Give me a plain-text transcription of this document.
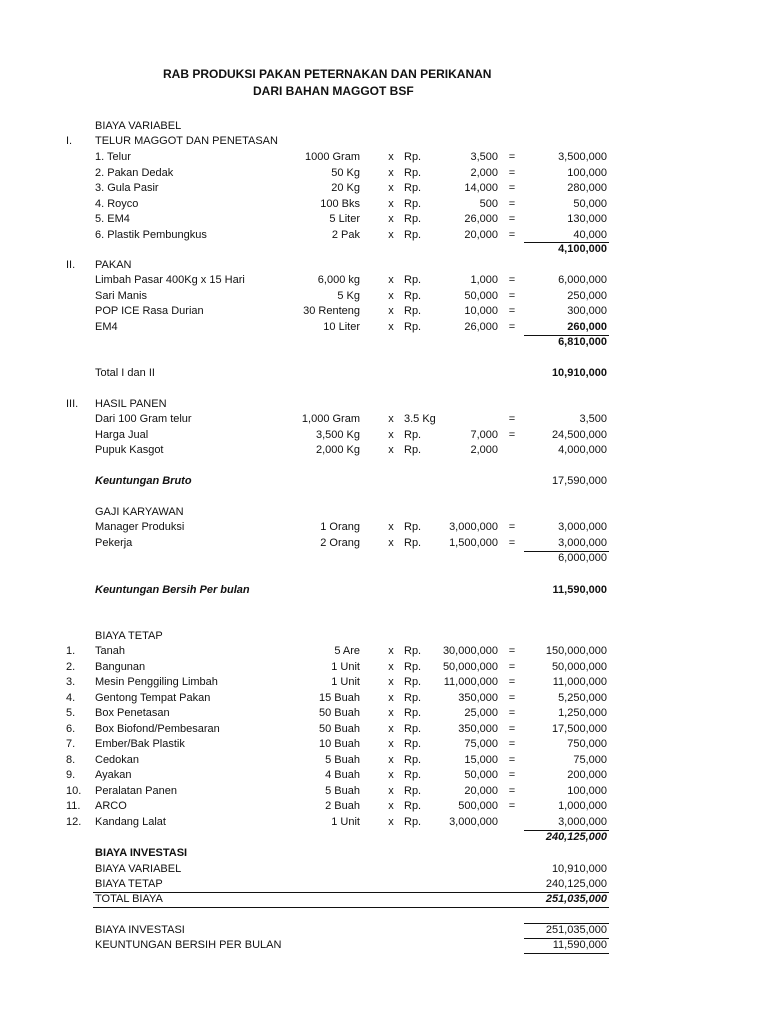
RAB PRODUKSI PAKAN PETERNAKAN DAN PERIKANAN
DARI BAHAN MAGGOT BSF
BIAYA VARIABEL
I. TELUR MAGGOT DAN PENETASAN
1. Telur	1000 Gram	x Rp.	3,500 =	3,500,000
2. Pakan Dedak	50 Kg	x Rp.	2,000 =	100,000
3. Gula Pasir	20 Kg	x Rp.	14,000 =	280,000
4. Royco	100 Bks	x Rp.	500 =	50,000
5. EM4	5 Liter	x Rp.	26,000 =	130,000
6. Plastik Pembungkus	2 Pak	x Rp.	20,000 =	40,000
4,100,000
II. PAKAN
Limbah Pasar 400Kg x 15 Hari	6,000 kg	x Rp.	1,000 =	6,000,000
Sari Manis	5 Kg	x Rp.	50,000 =	250,000
POP ICE Rasa Durian	30 Renteng	x Rp.	10,000 =	300,000
EM4	10 Liter	x Rp.	26,000 =	260,000
6,810,000
Total I dan II	10,910,000
III. HASIL PANEN
Dari 100 Gram telur	1,000 Gram	x 3.5 Kg	=	3,500
Harga Jual	3,500 Kg	x Rp.	7,000 =	24,500,000
Pupuk Kasgot	2,000 Kg	x Rp.	2,000	4,000,000
Keuntungan Bruto	17,590,000
GAJI KARYAWAN
Manager Produksi	1 Orang	x Rp.	3,000,000 =	3,000,000
Pekerja	2 Orang	x Rp.	1,500,000 =	3,000,000
6,000,000
Keuntungan Bersih Per bulan	11,590,000
BIAYA TETAP
1. Tanah	5 Are	x Rp.	30,000,000 =	150,000,000
2. Bangunan	1 Unit	x Rp.	50,000,000 =	50,000,000
3. Mesin Penggiling Limbah	1 Unit	x Rp.	11,000,000 =	11,000,000
4. Gentong Tempat Pakan	15 Buah	x Rp.	350,000 =	5,250,000
5. Box Penetasan	50 Buah	x Rp.	25,000 =	1,250,000
6. Box Biofond/Pembesaran	50 Buah	x Rp.	350,000 =	17,500,000
7. Ember/Bak Plastik	10 Buah	x Rp.	75,000 =	750,000
8. Cedokan	5 Buah	x Rp.	15,000 =	75,000
9. Ayakan	4 Buah	x Rp.	50,000 =	200,000
10. Peralatan Panen	5 Buah	x Rp.	20,000 =	100,000
11. ARCO	2 Buah	x Rp.	500,000 =	1,000,000
12. Kandang Lalat	1 Unit	x Rp.	3,000,000	3,000,000
240,125,000
BIAYA INVESTASI
BIAYA VARIABEL	10,910,000
BIAYA TETAP	240,125,000
TOTAL BIAYA	251,035,000
BIAYA INVESTASI	251,035,000
KEUNTUNGAN BERSIH PER BULAN	11,590,000
